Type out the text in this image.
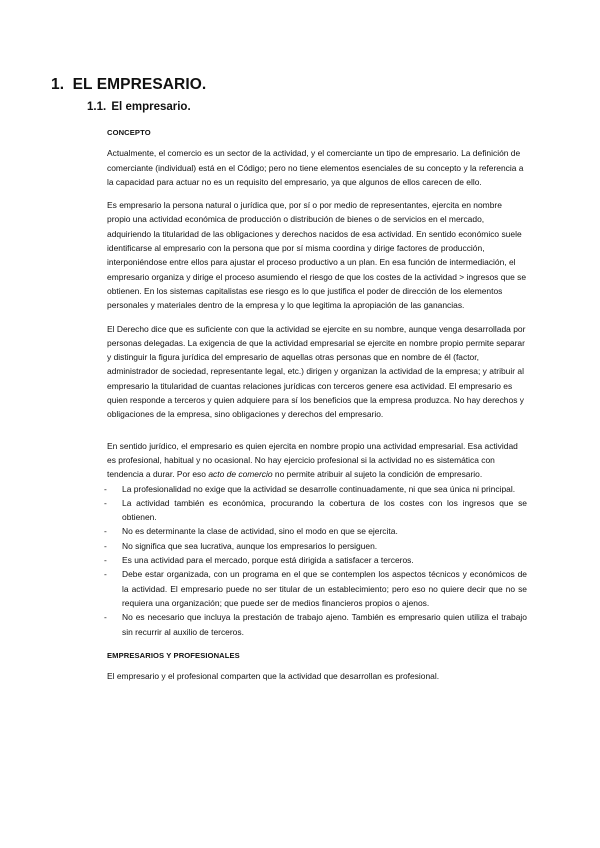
1. EL EMPRESARIO.
1.1. El empresario.
CONCEPTO

Actualmente, el comercio es un sector de la actividad, y el comerciante un tipo de empresario. La definición de comerciante (individual) está en el Código; pero no tiene elementos esenciales de su concepto y la referencia a la capacidad para actuar no es un requisito del empresario, ya que algunos de ellos carecen de ello.

Es empresario la persona natural o jurídica que, por sí o por medio de representantes, ejercita en nombre propio una actividad económica de producción o distribución de bienes o de servicios en el mercado, adquiriendo la titularidad de las obligaciones y derechos nacidos de esa actividad. En sentido económico suele identificarse al empresario con la persona que por sí misma coordina y dirige factores de producción, interponiéndose entre ellos para ajustar el proceso productivo a un plan. En esa función de intermediación, el empresario organiza y dirige el proceso asumiendo el riesgo de que los costes de la actividad > ingresos que se obtienen. En los sistemas capitalistas ese riesgo es lo que justifica el poder de dirección de los elementos personales y materiales dentro de la empresa y lo que legitima la apropiación de las ganancias.

El Derecho dice que es suficiente con que la actividad se ejercite en su nombre, aunque venga desarrollada por personas delegadas. La exigencia de que la actividad empresarial se ejercite en nombre propio permite separar y distinguir la figura jurídica del empresario de aquellas otras personas que en nombre de él (factor, administrador de sociedad, representante legal, etc.) dirigen y organizan la actividad de la empresa; y atribuir al empresario la titularidad de cuantas relaciones jurídicas con terceros genere esa actividad. El empresario es quien responde a terceros y quien adquiere para sí los beneficios que la empresa produzca. No hay derechos y obligaciones de la empresa, sino obligaciones y derechos del empresario.

En sentido jurídico, el empresario es quien ejercita en nombre propio una actividad empresarial. Esa actividad es profesional, habitual y no ocasional. No hay ejercicio profesional si la actividad no es sistemática con tendencia a durar. Por eso acto de comercio no permite atribuir al sujeto la condición de empresario.

- La profesionalidad no exige que la actividad se desarrolle continuadamente, ni que sea única ni principal.
- La actividad también es económica, procurando la cobertura de los costes con los ingresos que se obtienen.
- No es determinante la clase de actividad, sino el modo en que se ejercita.
- No significa que sea lucrativa, aunque los empresarios lo persiguen.
- Es una actividad para el mercado, porque está dirigida a satisfacer a terceros.
- Debe estar organizada, con un programa en el que se contemplen los aspectos técnicos y económicos de la actividad. El empresario puede no ser titular de un establecimiento; pero eso no quiere decir que no se requiera una organización; que puede ser de medios financieros propios o ajenos.
- No es necesario que incluya la prestación de trabajo ajeno. También es empresario quien utiliza el trabajo sin recurrir al auxilio de terceros.
EMPRESARIOS Y PROFESIONALES

El empresario y el profesional comparten que la actividad que desarrollan es profesional.
